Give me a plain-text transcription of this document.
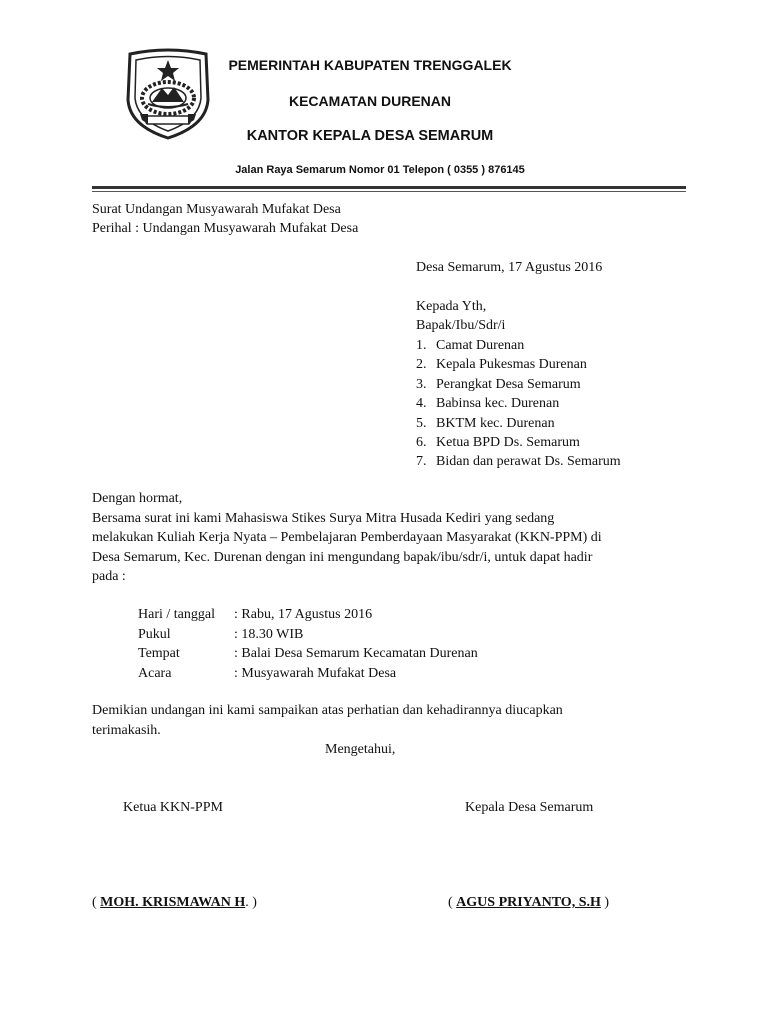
PEMERINTAH KABUPATEN TRENGGALEK
KECAMATAN DURENAN
KANTOR KEPALA DESA SEMARUM
Jalan Raya Semarum Nomor 01 Telepon ( 0355 ) 876145
Surat Undangan Musyawarah Mufakat Desa
Perihal : Undangan Musyawarah Mufakat Desa
Desa Semarum, 17 Agustus 2016
Kepada Yth,
Bapak/Ibu/Sdr/i
1. Camat Durenan
2. Kepala Pukesmas Durenan
3. Perangkat Desa Semarum
4. Babinsa kec. Durenan
5. BKTM kec. Durenan
6. Ketua BPD Ds. Semarum
7. Bidan dan perawat Ds. Semarum
Dengan hormat,
Bersama surat ini kami Mahasiswa Stikes Surya Mitra Husada Kediri yang sedang
melakukan Kuliah Kerja Nyata – Pembelajaran Pemberdayaan Masyarakat (KKN-PPM) di
Desa Semarum, Kec. Durenan dengan ini mengundang bapak/ibu/sdr/i, untuk dapat hadir
pada :
Hari / tanggal : Rabu, 17 Agustus 2016
Pukul	: 18.30 WIB
Tempat	: Balai Desa Semarum Kecamatan Durenan
Acara	: Musyawarah Mufakat Desa
Demikian undangan ini kami sampaikan atas perhatian dan kehadirannya diucapkan
terimakasih.
Mengetahui,
Ketua KKN-PPM	Kepala Desa Semarum
( MOH. KRISMAWAN H. )	( AGUS PRIYANTO, S.H )
